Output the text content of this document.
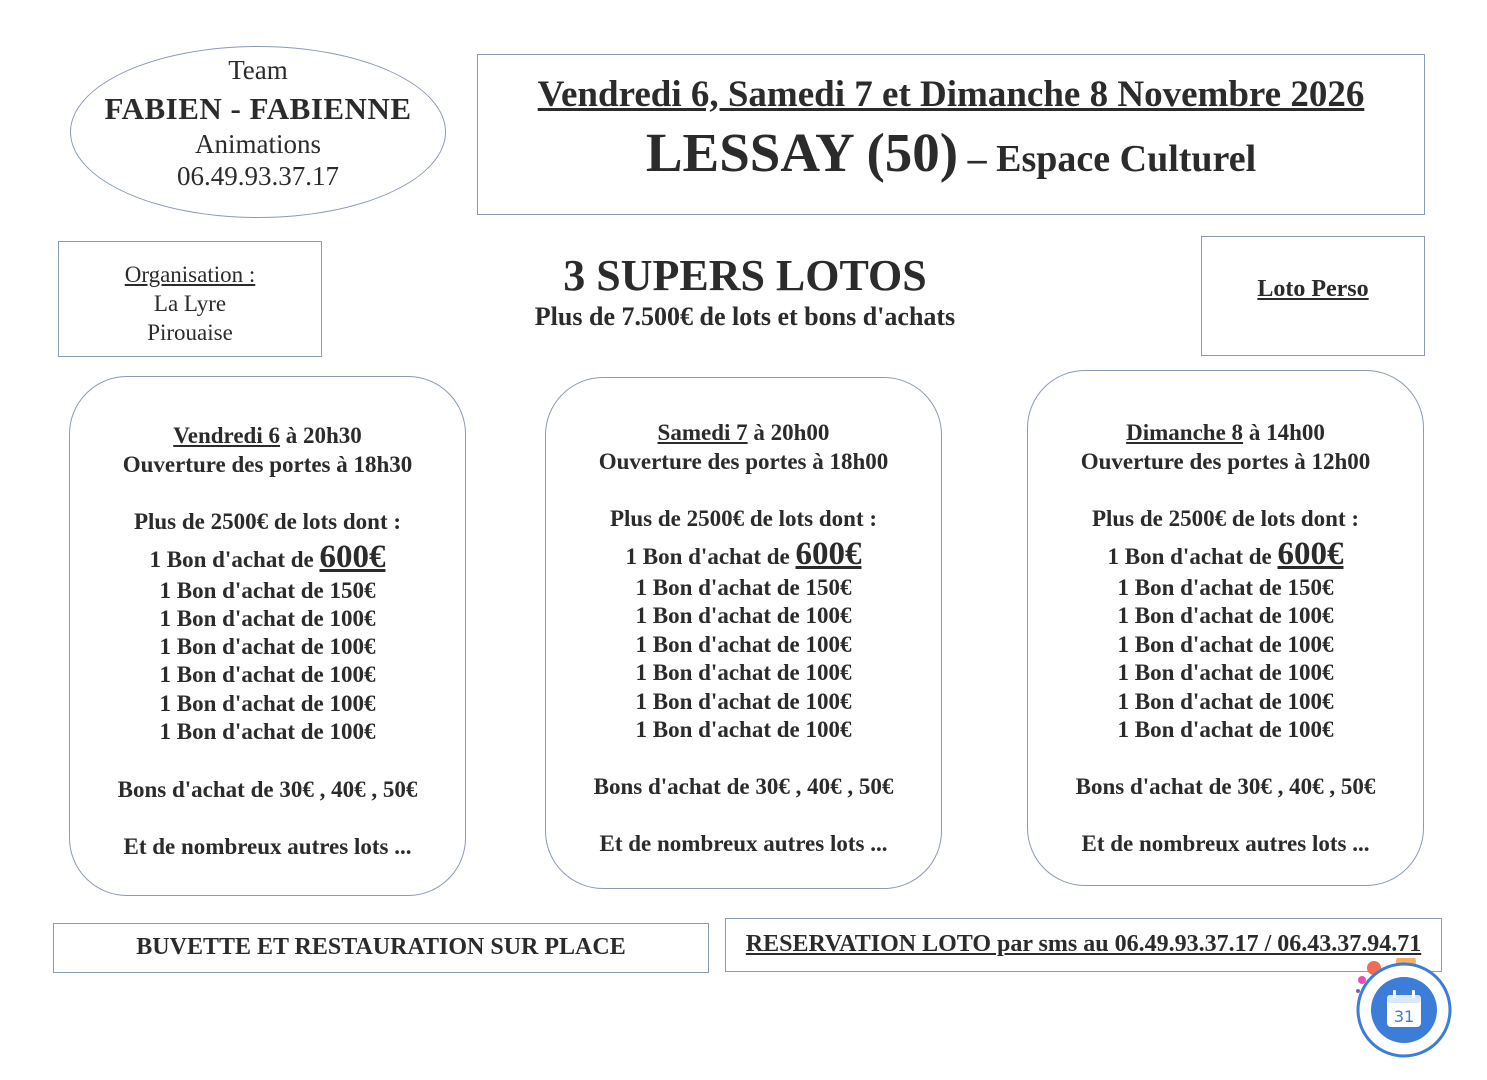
Team
FABIEN - FABIENNE
Animations
06.49.93.37.17
Vendredi 6, Samedi 7 et Dimanche 8 Novembre 2026
LESSAY (50) – Espace Culturel
Organisation :
La Lyre
Pirouaise
3 SUPERS LOTOS
Plus de 7.500€ de lots et bons d'achats
Loto Perso
Vendredi 6 à 20h30
Ouverture des portes à 18h30
Plus de 2500€ de lots dont :
1 Bon d'achat de 600€
1 Bon d'achat de 150€
1 Bon d'achat de 100€
1 Bon d'achat de 100€
1 Bon d'achat de 100€
1 Bon d'achat de 100€
1 Bon d'achat de 100€
Bons d'achat de 30€ , 40€ , 50€
Et de nombreux autres lots ...
Samedi 7 à 20h00
Ouverture des portes à 18h00
Plus de 2500€ de lots dont :
1 Bon d'achat de 600€
1 Bon d'achat de 150€
1 Bon d'achat de 100€
1 Bon d'achat de 100€
1 Bon d'achat de 100€
1 Bon d'achat de 100€
1 Bon d'achat de 100€
Bons d'achat de 30€ , 40€ , 50€
Et de nombreux autres lots ...
Dimanche 8 à 14h00
Ouverture des portes à 12h00
Plus de 2500€ de lots dont :
1 Bon d'achat de 600€
1 Bon d'achat de 150€
1 Bon d'achat de 100€
1 Bon d'achat de 100€
1 Bon d'achat de 100€
1 Bon d'achat de 100€
1 Bon d'achat de 100€
Bons d'achat de 30€ , 40€ , 50€
Et de nombreux autres lots ...
BUVETTE ET RESTAURATION SUR PLACE	RESERVATION LOTO par sms au 06.49.93.37.17 / 06.43.37.94.71
31
